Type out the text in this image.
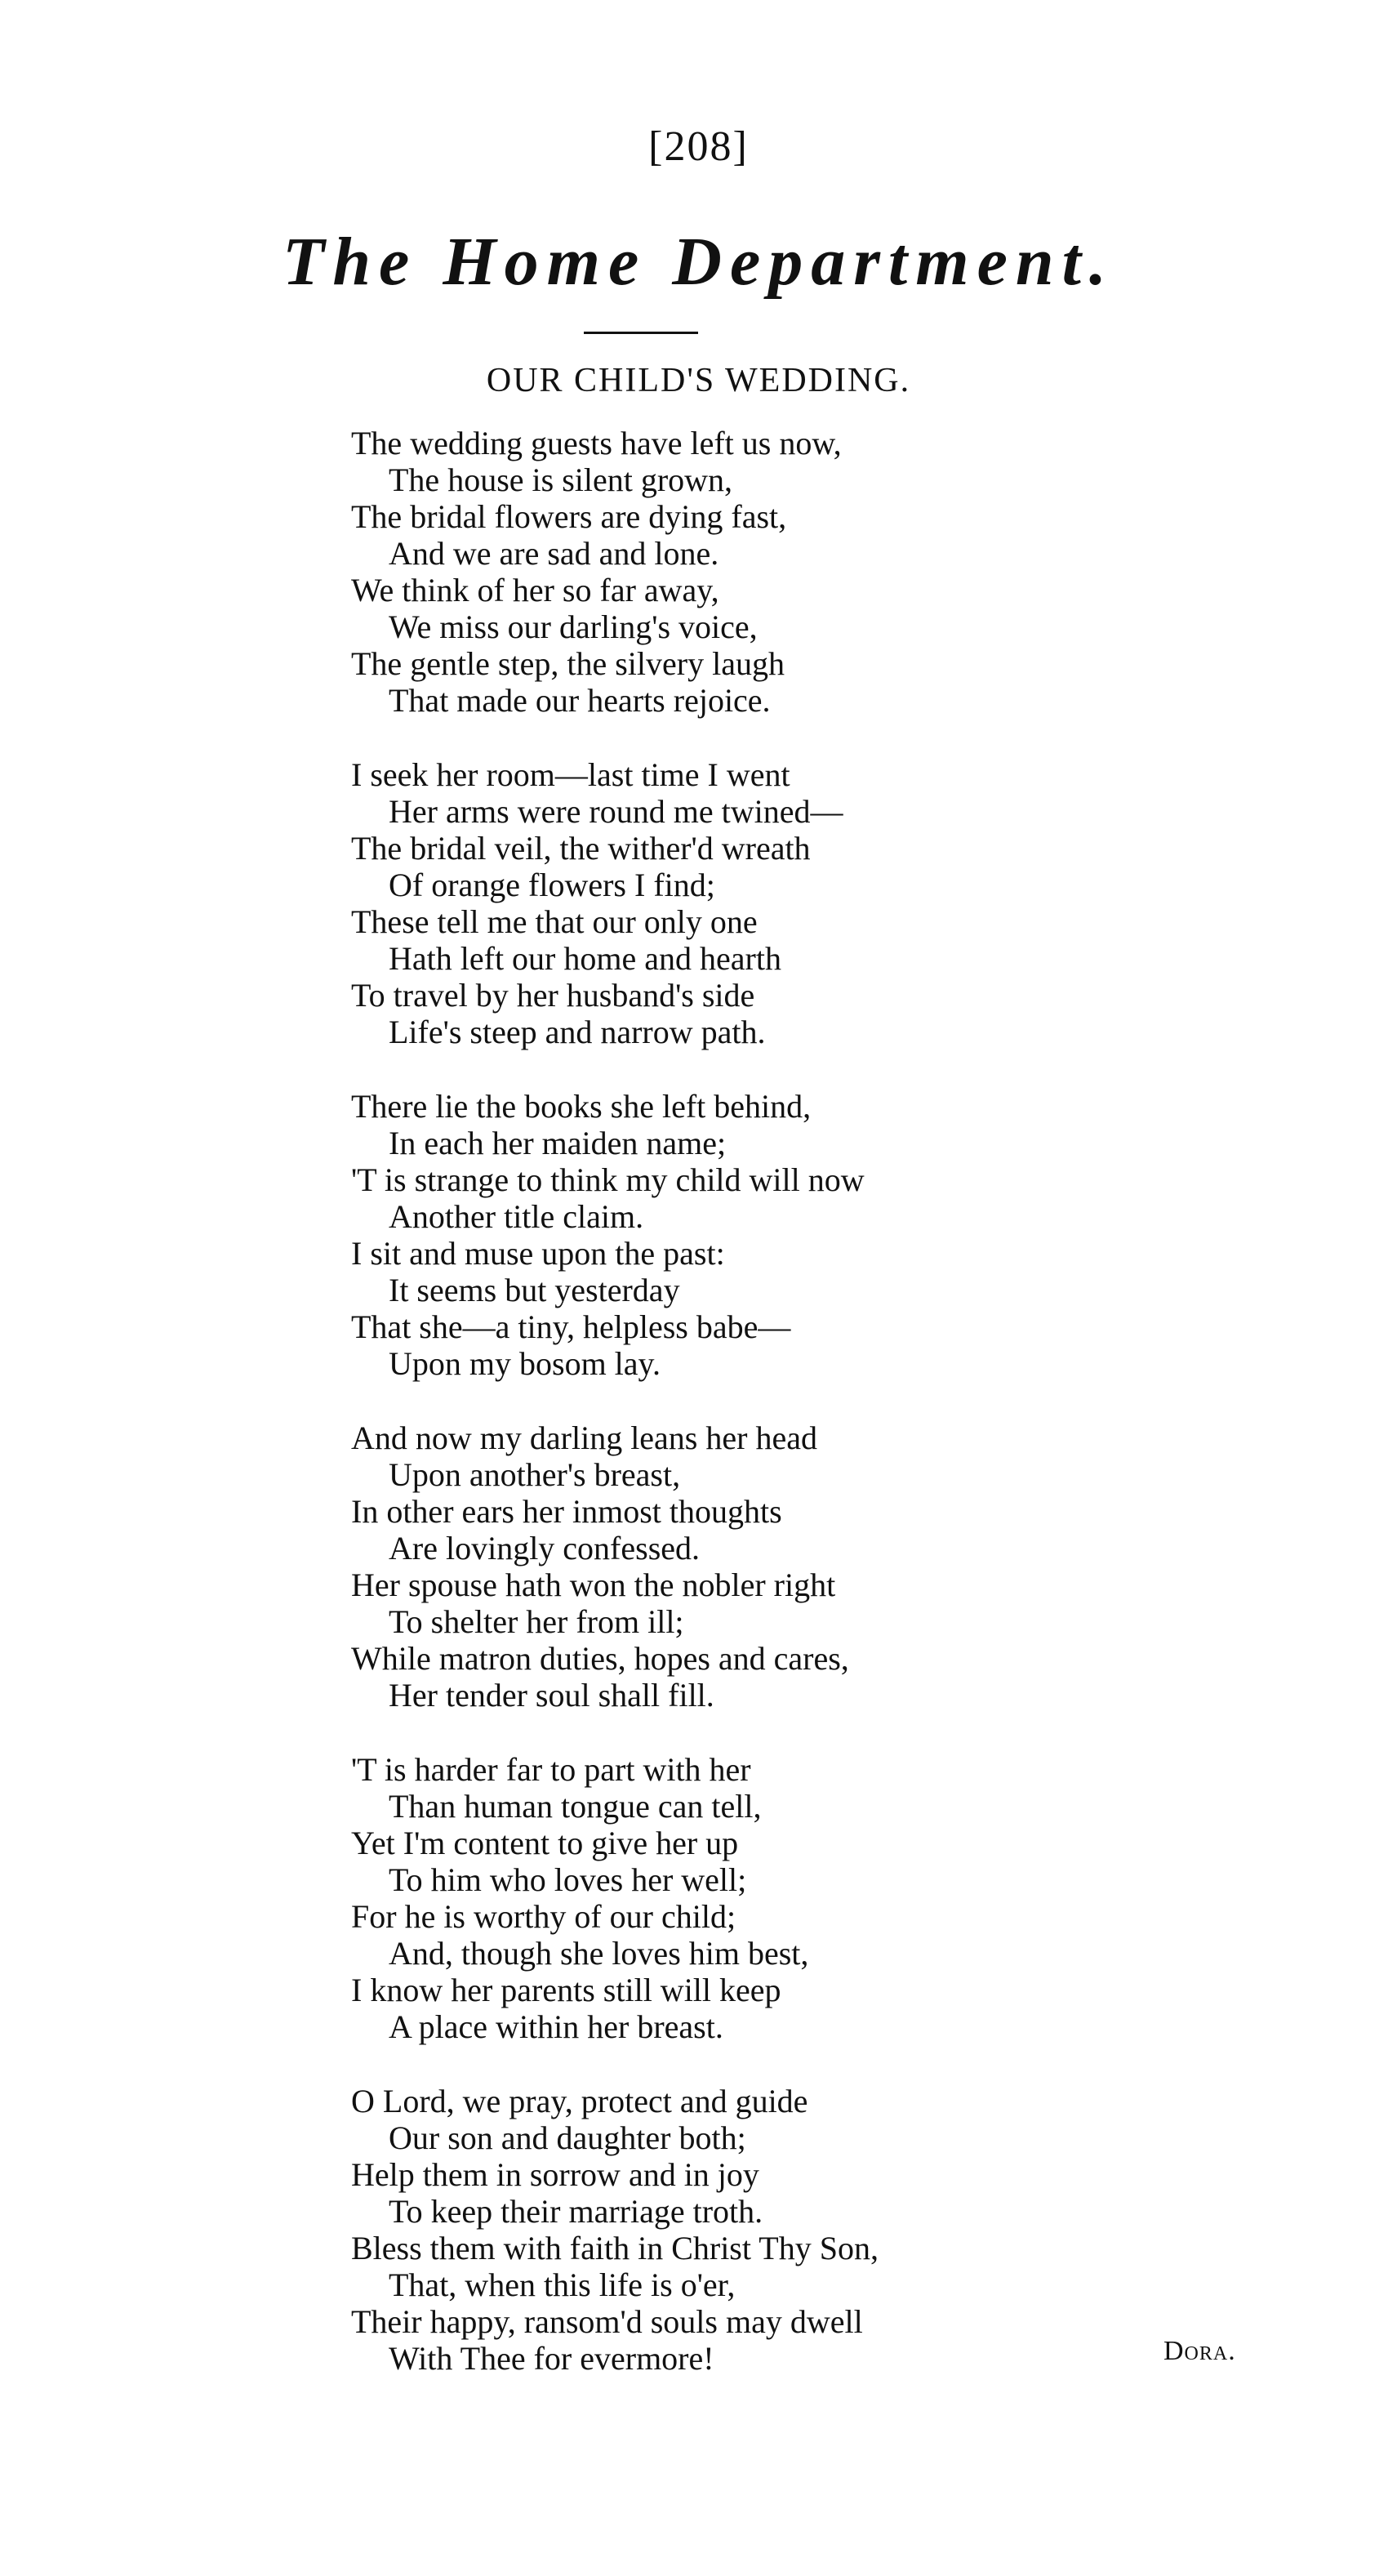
[208]
The Home Department.
OUR CHILD'S WEDDING.
The wedding guests have left us now,
The house is silent grown,
The bridal flowers are dying fast,
And we are sad and lone.
We think of her so far away,
We miss our darling's voice,
The gentle step, the silvery laugh
That made our hearts rejoice.
I seek her room—last time I went
Her arms were round me twined—
The bridal veil, the wither'd wreath
Of orange flowers I find;
These tell me that our only one
Hath left our home and hearth
To travel by her husband's side
Life's steep and narrow path.
There lie the books she left behind,
In each her maiden name;
'T is strange to think my child will now
Another title claim.
I sit and muse upon the past:
It seems but yesterday
That she—a tiny, helpless babe—
Upon my bosom lay.
And now my darling leans her head
Upon another's breast,
In other ears her inmost thoughts
Are lovingly confessed.
Her spouse hath won the nobler right
To shelter her from ill;
While matron duties, hopes and cares,
Her tender soul shall fill.
'T is harder far to part with her
Than human tongue can tell,
Yet I'm content to give her up
To him who loves her well;
For he is worthy of our child;
And, though she loves him best,
I know her parents still will keep
A place within her breast.
O Lord, we pray, protect and guide
Our son and daughter both;
Help them in sorrow and in joy
To keep their marriage troth.
Bless them with faith in Christ Thy Son,
That, when this life is o'er,
Their happy, ransom'd souls may dwell
With Thee for evermore!	Dora.
